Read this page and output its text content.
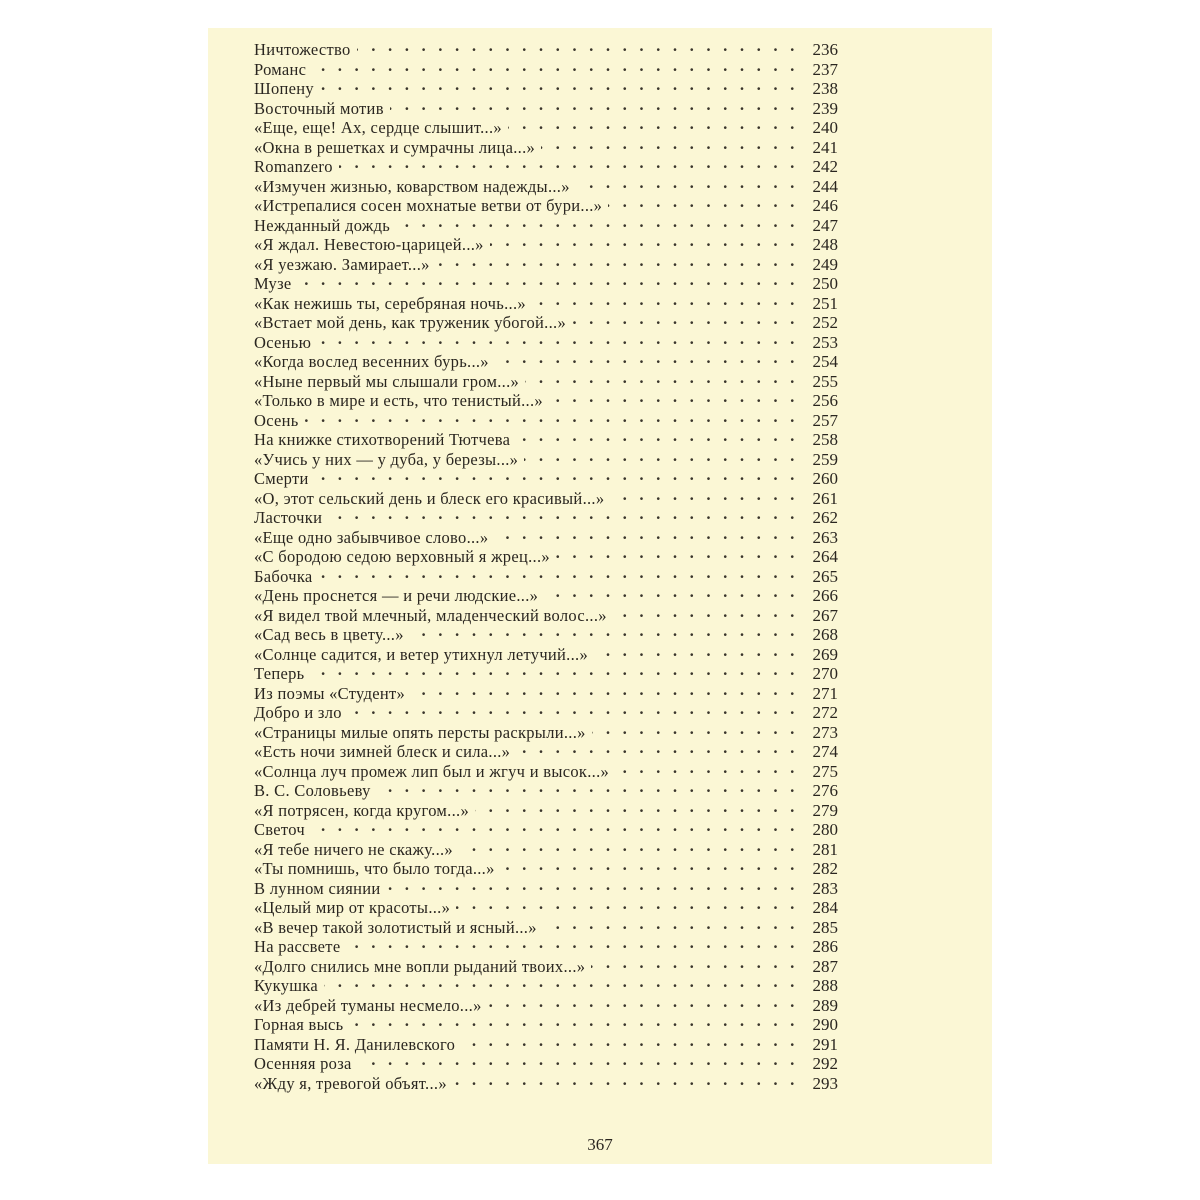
Ничтожество · ·	236
Романс · ·	237
Шопену · ·	238
Восточный мотив · ·	239
«Еще, еще! Ах, сердце слышит...» · ·	240
«Окна в решетках и сумрачны лица...» · ·	241
Romanzero · ·	242
«Измучен жизнью, коварством надежды...» · ·	244
«Истрепалися сосен мохнатые ветви от бури...» · ·	246
Нежданный дождь · ·	247
«Я ждал. Невестою-царицей...» · ·	248
«Я уезжаю. Замирает...» · ·	249
Музе · ·	250
«Как нежишь ты, серебряная ночь...» · ·	251
«Встает мой день, как труженик убогой...» · ·	252
Осенью · ·	253
«Когда вослед весенних бурь...» · ·	254
«Ныне первый мы слышали гром...» · ·	255
«Только в мире и есть, что тенистый...» · ·	256
Осень · ·	257
На книжке стихотворений Тютчева · ·	258
«Учись у них — у дуба, у березы...» · ·	259
Смерти · ·	260
«О, этот сельский день и блеск его красивый...» · ·	261
Ласточки · ·	262
«Еще одно забывчивое слово...» · ·	263
«С бородою седою верховный я жрец...» · ·	264
Бабочка · ·	265
«День проснется — и речи людские...» · ·	266
«Я видел твой млечный, младенческий волос...» · ·	267
«Сад весь в цвету...» · ·	268
«Солнце садится, и ветер утихнул летучий...» · ·	269
Теперь · ·	270
Из поэмы «Студент» · ·	271
Добро и зло · ·	272
«Страницы милые опять персты раскрыли...» · ·	273
«Есть ночи зимней блеск и сила...» · ·	274
«Солнца луч промеж лип был и жгуч и высок...» · ·	275
В. С. Соловьеву · ·	276
«Я потрясен, когда кругом...» · ·	279
Светоч · ·	280
«Я тебе ничего не скажу...» · ·	281
«Ты помнишь, что было тогда...» · ·	282
В лунном сиянии · ·	283
«Целый мир от красоты...» · ·	284
«В вечер такой золотистый и ясный...» · ·	285
На рассвете · ·	286
«Долго снились мне вопли рыданий твоих...» · ·	287
Кукушка · ·	288
«Из дебрей туманы несмело...» · ·	289
Горная высь · ·	290
Памяти Н. Я. Данилевского · ·	291
Осенняя роза · ·	292
«Жду я, тревогой объят...» · ·	293
367
